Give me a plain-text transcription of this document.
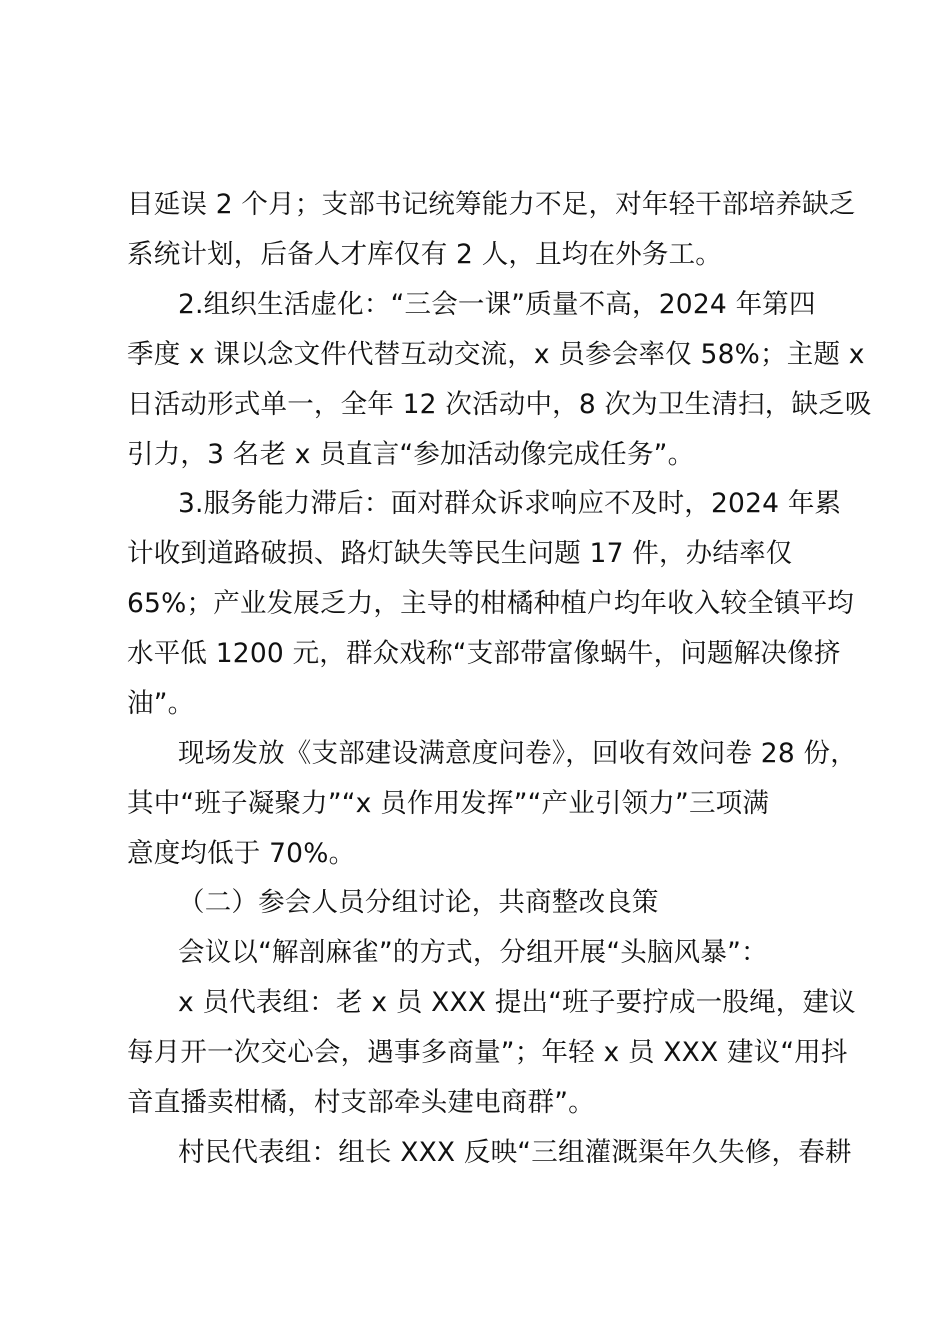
目延误 2 个月；支部书记统筹能力不足，对年轻干部培养缺乏
系统计划，后备人才库仅有 2 人，且均在外务工。
2.组织生活虚化：“三会一课”质量不高，2024 年第四
季度 x 课以念文件代替互动交流，x 员参会率仅 58%；主题 x
日活动形式单一，全年 12 次活动中，8 次为卫生清扫，缺乏吸
引力，3 名老 x 员直言“参加活动像完成任务”。
3.服务能力滞后：面对群众诉求响应不及时，2024 年累
计收到道路破损、路灯缺失等民生问题 17 件，办结率仅
65%；产业发展乏力，主导的柑橘种植户均年收入较全镇平均
水平低 1200 元，群众戏称“支部带富像蜗牛，问题解决像挤
油”。
现场发放《支部建设满意度问卷》，回收有效问卷 28 份，
其中“班子凝聚力”“x 员作用发挥”“产业引领力”三项满
意度均低于 70%。
（二）参会人员分组讨论，共商整改良策
会议以“解剖麻雀”的方式，分组开展“头脑风暴”：
x 员代表组：老 x 员 XXX 提出“班子要拧成一股绳，建议
每月开一次交心会，遇事多商量”；年轻 x 员 XXX 建议“用抖
音直播卖柑橘，村支部牵头建电商群”。
村民代表组：组长 XXX 反映“三组灌溉渠年久失修，春耕
